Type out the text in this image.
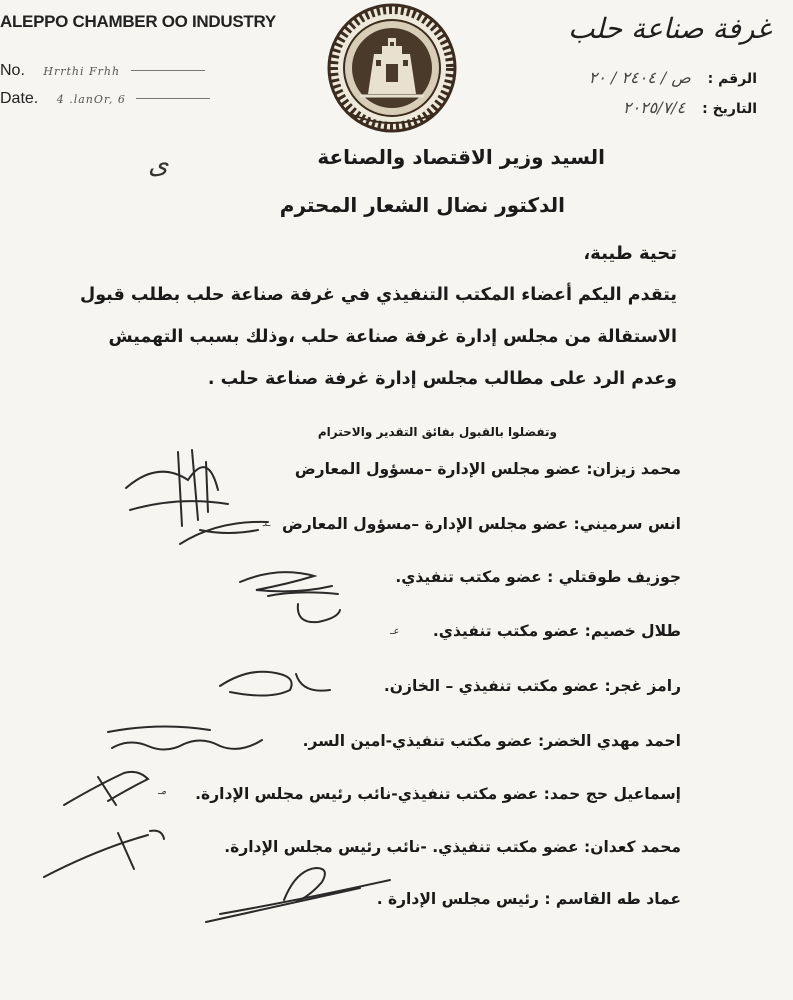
ALEPPO CHAMBER OO INDUSTRY
No. Hrrthi Frhh
Date. 4 .lanOr, 6
غرفة صناعة حلب
الرقم : ص / ٢٤٠٤ / ٢٠
التاريخ : ٢٠٢٥/٧/٤
ى	السيد وزير الاقتصاد والصناعة
الدكتور نضال الشعار المحترم
تحية طيبة،
يتقدم اليكم أعضاء المكتب التنفيذي في غرفة صناعة حلب بطلب قبول
الاستقالة من مجلس إدارة غرفة صناعة حلب ،وذلك بسبب التهميش
وعدم الرد على مطالب مجلس إدارة غرفة صناعة حلب .
وتفضلوا بالقبول بفائق التقدير والاحترام
محمد زيزان: عضو مجلس الإدارة –مسؤول المعارض
انس سرميني: عضو مجلس الإدارة –مسؤول المعارض
جوزيف طوقتلي : عضو مكتب تنفيذي.
طلال خصيم: عضو مكتب تنفيذي.
رامز غجر: عضو مكتب تنفيذي – الخازن.
احمد مهدي الخضر: عضو مكتب تنفيذي-امين السر.
إسماعيل حج حمد: عضو مكتب تنفيذي-نائب رئيس مجلس الإدارة.
محمد كعدان: عضو مكتب تنفيذي. -نائب رئيس مجلس الإدارة.
عماد طه القاسم : رئيس مجلس الإدارة .
ـد
عـ
مـ
